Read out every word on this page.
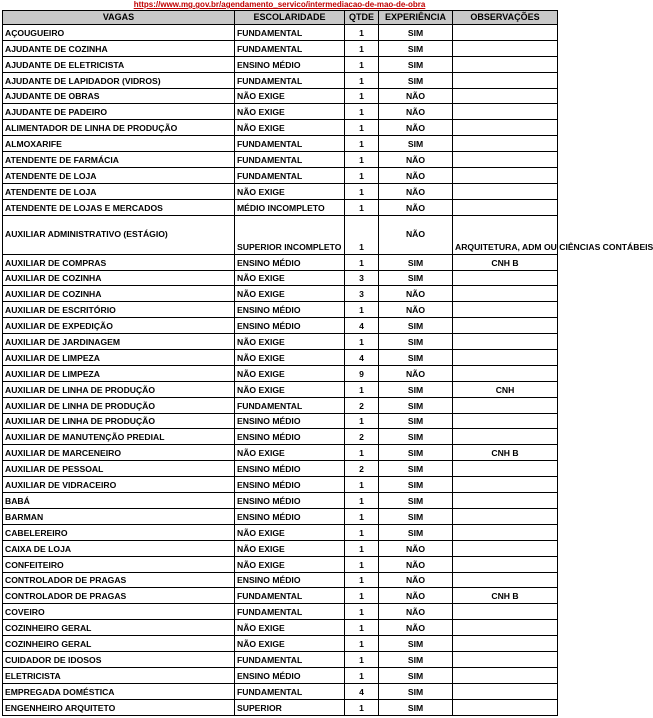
https://www.mg.gov.br/agendamento_servico/intermediacao-de-mao-de-obra
VAGAS	ESCOLARIDADE	QTDE	EXPERIÊNCIA	OBSERVAÇÕES
AÇOUGUEIRO	FUNDAMENTAL	1	SIM	
AJUDANTE DE COZINHA	FUNDAMENTAL	1	SIM	
AJUDANTE DE ELETRICISTA	ENSINO MÉDIO	1	SIM	
AJUDANTE DE LAPIDADOR (VIDROS)	FUNDAMENTAL	1	SIM	
AJUDANTE DE OBRAS	NÃO EXIGE	1	NÃO	
AJUDANTE DE PADEIRO	NÃO EXIGE	1	NÃO	
ALIMENTADOR DE LINHA DE PRODUÇÃO	NÃO EXIGE	1	NÃO	
ALMOXARIFE	FUNDAMENTAL	1	SIM	
ATENDENTE DE FARMÁCIA	FUNDAMENTAL	1	NÃO	
ATENDENTE DE LOJA	FUNDAMENTAL	1	NÃO	
ATENDENTE DE LOJA	NÃO EXIGE	1	NÃO	
ATENDENTE DE LOJAS E MERCADOS	MÉDIO INCOMPLETO	1	NÃO	
AUXILIAR ADMINISTRATIVO (ESTÁGIO)	SUPERIOR INCOMPLETO	1	NÃO	ARQUITETURA, ADM OU CIÊNCIAS CONTÁBEIS
AUXILIAR DE COMPRAS	ENSINO MÉDIO	1	SIM	CNH B
AUXILIAR DE COZINHA	NÃO EXIGE	3	SIM	
AUXILIAR DE COZINHA	NÃO EXIGE	3	NÃO	
AUXILIAR DE ESCRITÓRIO	ENSINO MÉDIO	1	NÃO	
AUXILIAR DE EXPEDIÇÃO	ENSINO MÉDIO	4	SIM	
AUXILIAR DE JARDINAGEM	NÃO EXIGE	1	SIM	
AUXILIAR DE LIMPEZA	NÃO EXIGE	4	SIM	
AUXILIAR DE LIMPEZA	NÃO EXIGE	9	NÃO	
AUXILIAR DE LINHA DE PRODUÇÃO	NÃO EXIGE	1	SIM	CNH
AUXILIAR DE LINHA DE PRODUÇÃO	FUNDAMENTAL	2	SIM	
AUXILIAR DE LINHA DE PRODUÇÃO	ENSINO MÉDIO	1	SIM	
AUXILIAR DE MANUTENÇÃO PREDIAL	ENSINO MÉDIO	2	SIM	
AUXILIAR DE MARCENEIRO	NÃO EXIGE	1	SIM	CNH B
AUXILIAR DE PESSOAL	ENSINO MÉDIO	2	SIM	
AUXILIAR DE VIDRACEIRO	ENSINO MÉDIO	1	SIM	
BABÁ	ENSINO MÉDIO	1	SIM	
BARMAN	ENSINO MÉDIO	1	SIM	
CABELEREIRO	NÃO EXIGE	1	SIM	
CAIXA DE LOJA	NÃO EXIGE	1	NÃO	
CONFEITEIRO	NÃO EXIGE	1	NÃO	
CONTROLADOR DE PRAGAS	ENSINO MÉDIO	1	NÃO	
CONTROLADOR DE PRAGAS	FUNDAMENTAL	1	NÃO	CNH B
COVEIRO	FUNDAMENTAL	1	NÃO	
COZINHEIRO GERAL	NÃO EXIGE	1	NÃO	
COZINHEIRO GERAL	NÃO EXIGE	1	SIM	
CUIDADOR DE IDOSOS	FUNDAMENTAL	1	SIM	
ELETRICISTA	ENSINO MÉDIO	1	SIM	
EMPREGADA DOMÉSTICA	FUNDAMENTAL	4	SIM	
ENGENHEIRO ARQUITETO	SUPERIOR	1	SIM	
